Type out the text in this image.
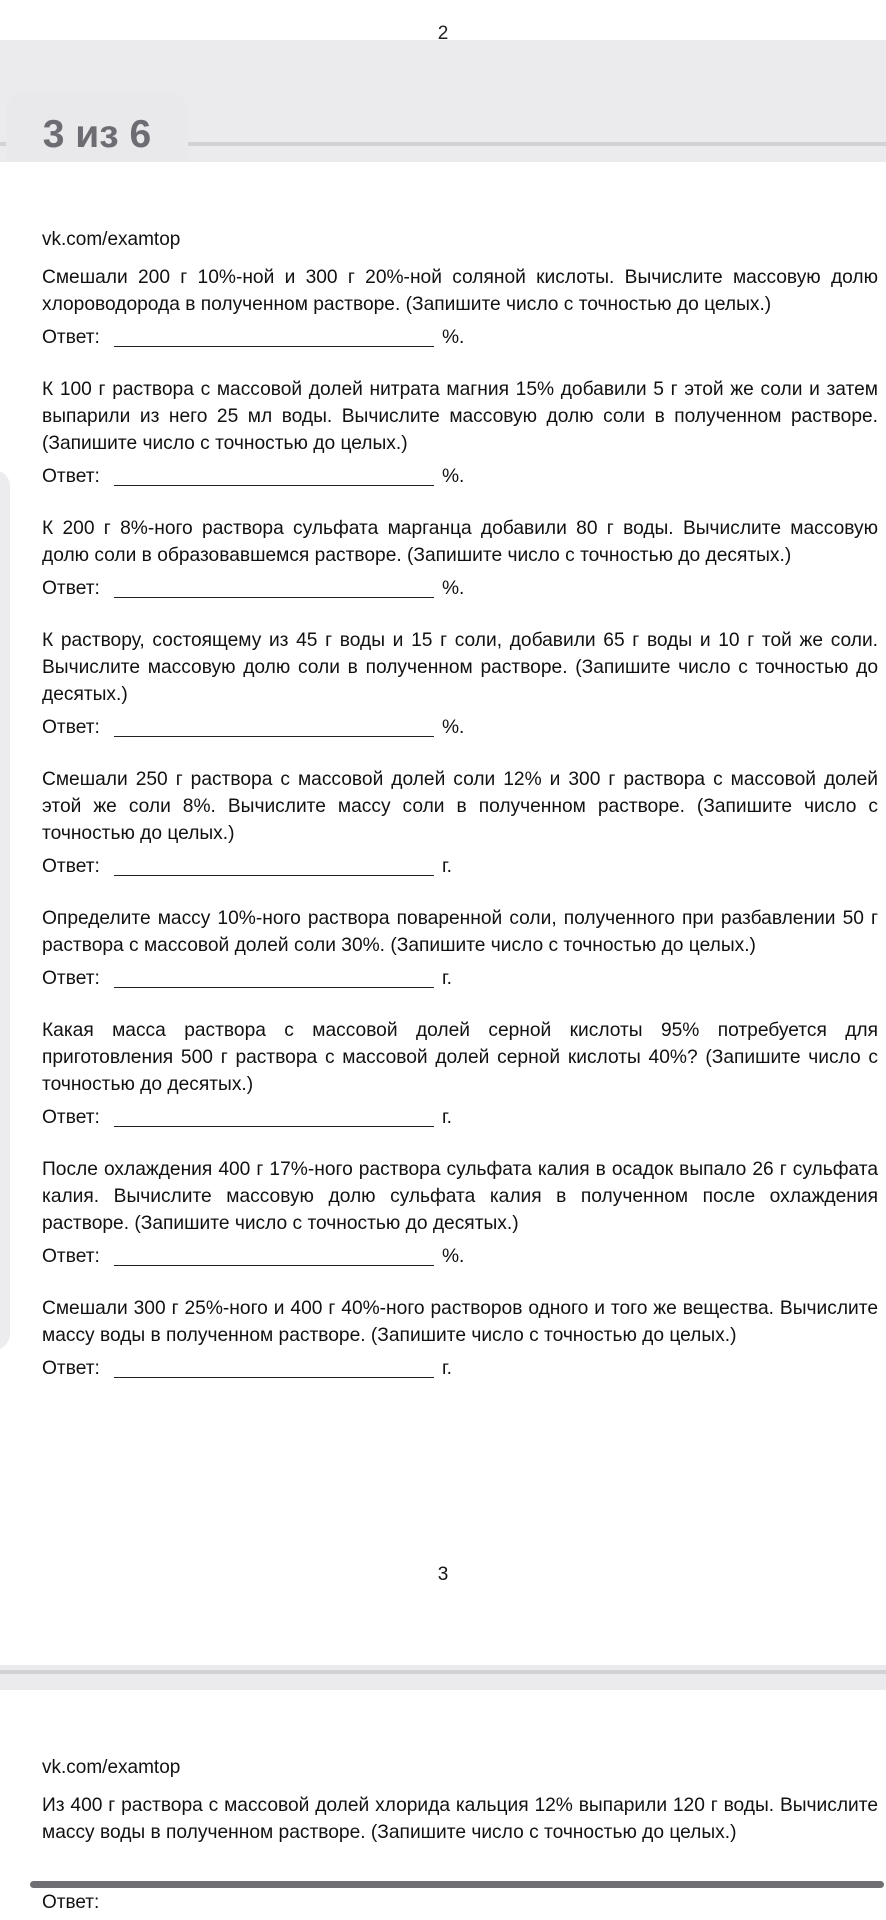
2
3 из 6
vk.com/examtop
Смешали 200 г 10%-ной и 300 г 20%-ной соляной кислоты. Вычислите массовую долю хлороводорода в полученном растворе. (Запишите число с точностью до целых.)
Ответ:	%.
К 100 г раствора с массовой долей нитрата магния 15% добавили 5 г этой же соли и затем выпарили из него 25 мл воды. Вычислите массовую долю соли в полученном растворе. (Запишите число с точностью до целых.)
Ответ:	%.
К 200 г 8%-ного раствора сульфата марганца добавили 80 г воды. Вычислите массовую долю соли в образовавшемся растворе. (Запишите число с точностью до десятых.)
Ответ:	%.
К раствору, состоящему из 45 г воды и 15 г соли, добавили 65 г воды и 10 г той же соли. Вычислите массовую долю соли в полученном растворе. (Запишите число с точностью до десятых.)
Ответ:	%.
Смешали 250 г раствора с массовой долей соли 12% и 300 г раствора с массовой долей этой же соли 8%. Вычислите массу соли в полученном растворе. (Запишите число с точностью до целых.)
Ответ:	г.
Определите массу 10%-ного раствора поваренной соли, полученного при разбавлении 50 г раствора с массовой долей соли 30%. (Запишите число с точностью до целых.)
Ответ:	г.
Какая масса раствора с массовой долей серной кислоты 95% потребуется для приготовления 500 г раствора с массовой долей серной кислоты 40%? (Запишите число с точностью до десятых.)
Ответ:	г.
После охлаждения 400 г 17%-ного раствора сульфата калия в осадок выпало 26 г сульфата калия. Вычислите массовую долю сульфата калия в полученном после охлаждения растворе. (Запишите число с точностью до десятых.)
Ответ:	%.
Смешали 300 г 25%-ного и 400 г 40%-ного растворов одного и того же вещества. Вычислите массу воды в полученном растворе. (Запишите число с точностью до целых.)
Ответ:	г.
3
vk.com/examtop
Из 400 г раствора с массовой долей хлорида кальция 12% выпарили 120 г воды. Вычислите массу воды в полученном растворе. (Запишите число с точностью до целых.)
Ответ:
